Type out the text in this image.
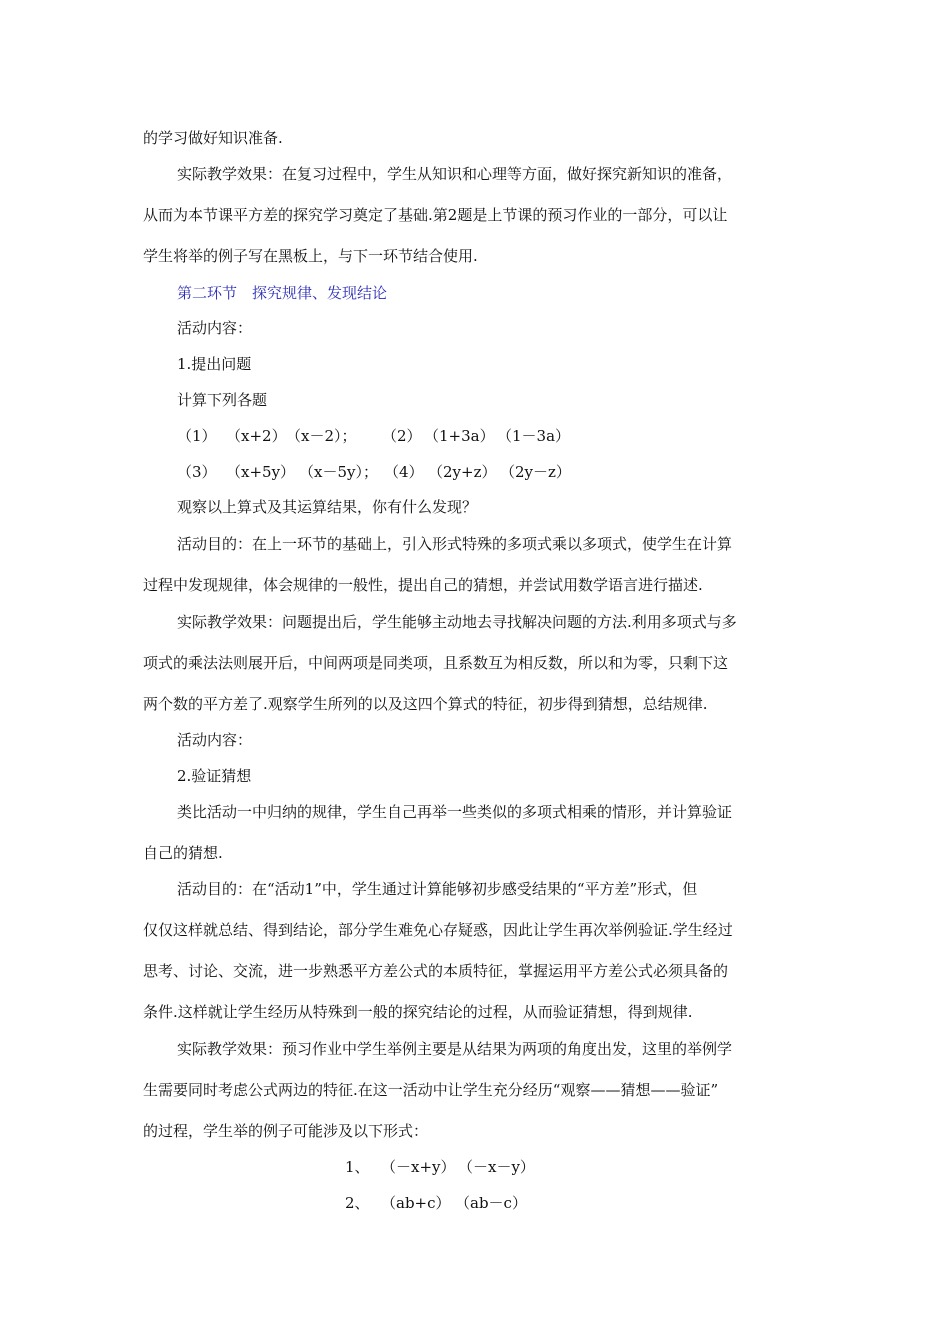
的学习做好知识准备.
实际教学效果：在复习过程中，学生从知识和心理等方面，做好探究新知识的准备，
从而为本节课平方差的探究学习奠定了基础.第2题是上节课的预习作业的一部分，可以让
学生将举的例子写在黑板上，与下一环节结合使用.
第二环节　探究规律、发现结论
活动内容：
1.提出问题
计算下列各题
（1） （x+2） （x－2）； （2） （1+3a） （1－3a）
（3） （x+5y） （x－5y）； （4） （2y+z） （2y－z）
观察以上算式及其运算结果，你有什么发现？
活动目的：在上一环节的基础上，引入形式特殊的多项式乘以多项式，使学生在计算
过程中发现规律，体会规律的一般性，提出自己的猜想，并尝试用数学语言进行描述.
实际教学效果：问题提出后，学生能够主动地去寻找解决问题的方法.利用多项式与多
项式的乘法法则展开后，中间两项是同类项，且系数互为相反数，所以和为零，只剩下这
两个数的平方差了.观察学生所列的以及这四个算式的特征，初步得到猜想，总结规律.
活动内容：
2.验证猜想
类比活动一中归纳的规律，学生自己再举一些类似的多项式相乘的情形，并计算验证
自己的猜想.
活动目的：在“活动1”中，学生通过计算能够初步感受结果的“平方差”形式，但
仅仅这样就总结、得到结论，部分学生难免心存疑惑，因此让学生再次举例验证.学生经过
思考、讨论、交流，进一步熟悉平方差公式的本质特征，掌握运用平方差公式必须具备的
条件.这样就让学生经历从特殊到一般的探究结论的过程，从而验证猜想，得到规律.
实际教学效果：预习作业中学生举例主要是从结果为两项的角度出发，这里的举例学
生需要同时考虑公式两边的特征.在这一活动中让学生充分经历“观察——猜想——验证”
的过程，学生举的例子可能涉及以下形式：
1、 （－x+y） （－x－y）
2、 （ab+c） （ab－c）
